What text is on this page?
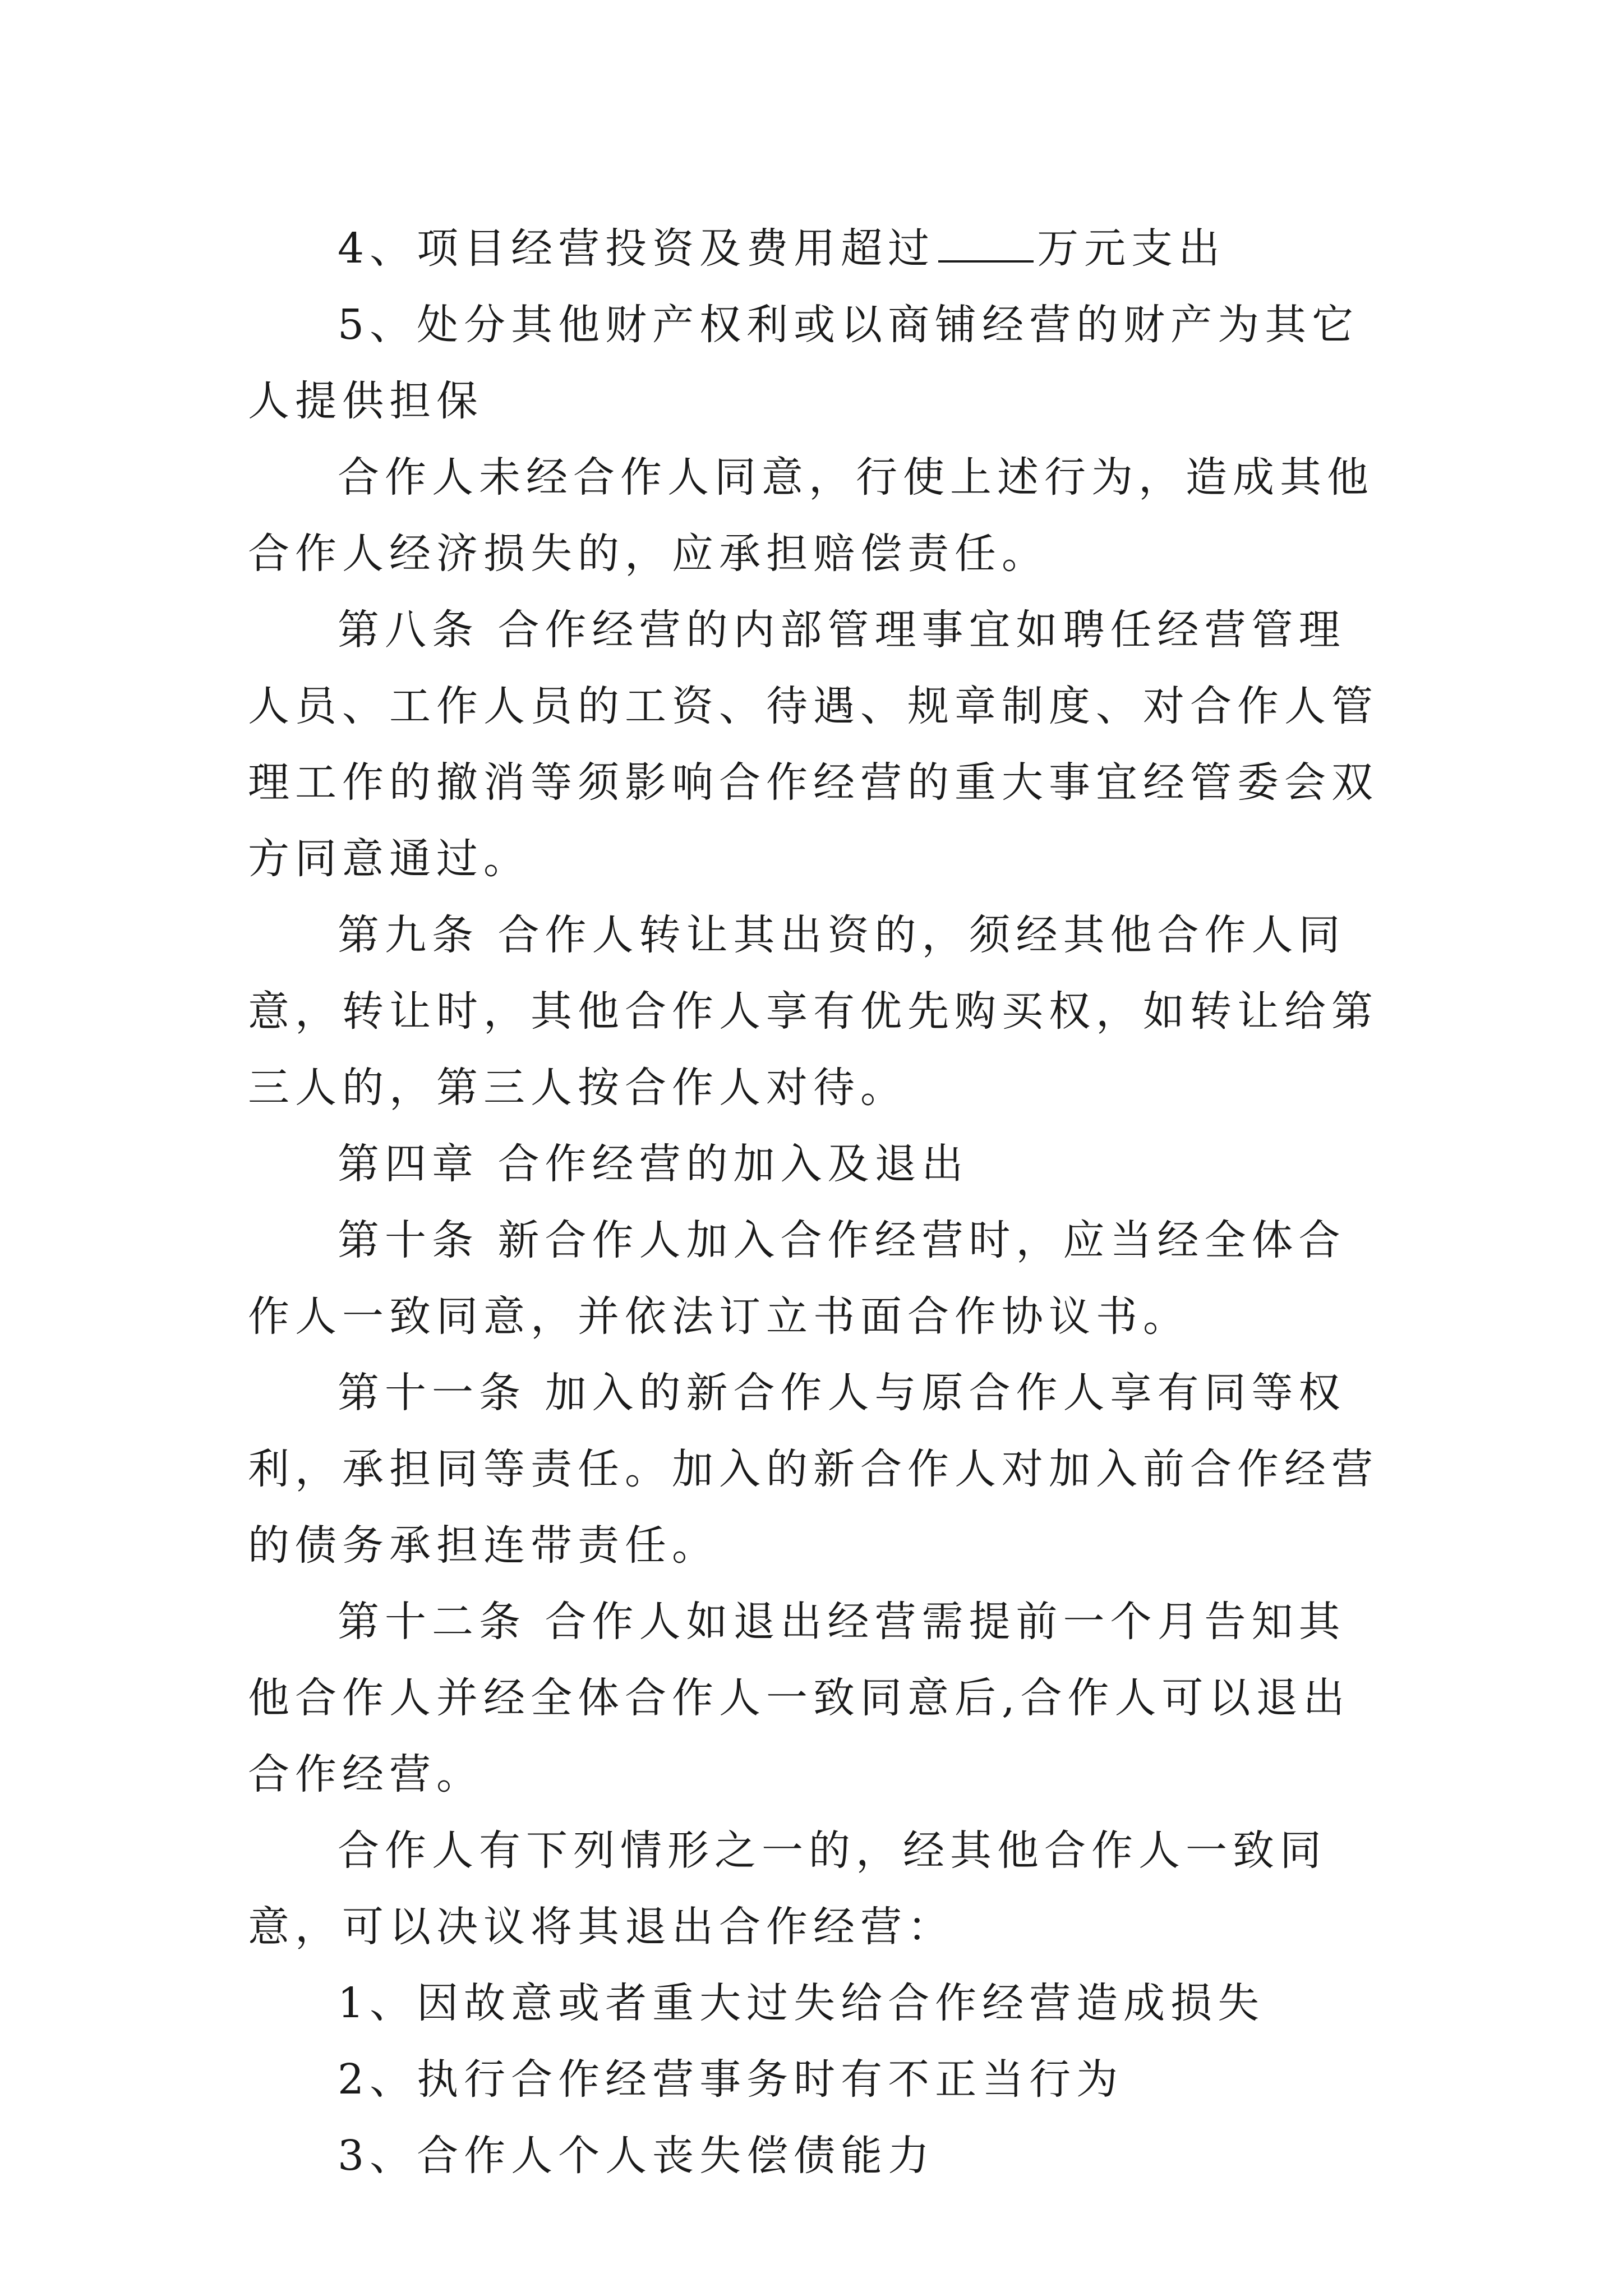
4、项目经营投资及费用超过 万元支出

5、处分其他财产权利或以商铺经营的财产为其它人提供担保

合作人未经合作人同意，行使上述行为，造成其他合作人经济损失的，应承担赔偿责任。

第八条 合作经营的内部管理事宜如聘任经营管理人员、工作人员的工资、待遇、规章制度、对合作人管理工作的撤消等须影响合作经营的重大事宜经管委会双方同意通过。

第九条 合作人转让其出资的，须经其他合作人同意，转让时，其他合作人享有优先购买权，如转让给第三人的，第三人按合作人对待。

第四章 合作经营的加入及退出

第十条 新合作人加入合作经营时，应当经全体合作人一致同意，并依法订立书面合作协议书。

第十一条 加入的新合作人与原合作人享有同等权利，承担同等责任。加入的新合作人对加入前合作经营的债务承担连带责任。

第十二条 合作人如退出经营需提前一个月告知其他合作人并经全体合作人一致同意后,合作人可以退出合作经营。

合作人有下列情形之一的，经其他合作人一致同意，可以决议将其退出合作经营：

1、因故意或者重大过失给合作经营造成损失

2、执行合作经营事务时有不正当行为

3、合作人个人丧失偿债能力
